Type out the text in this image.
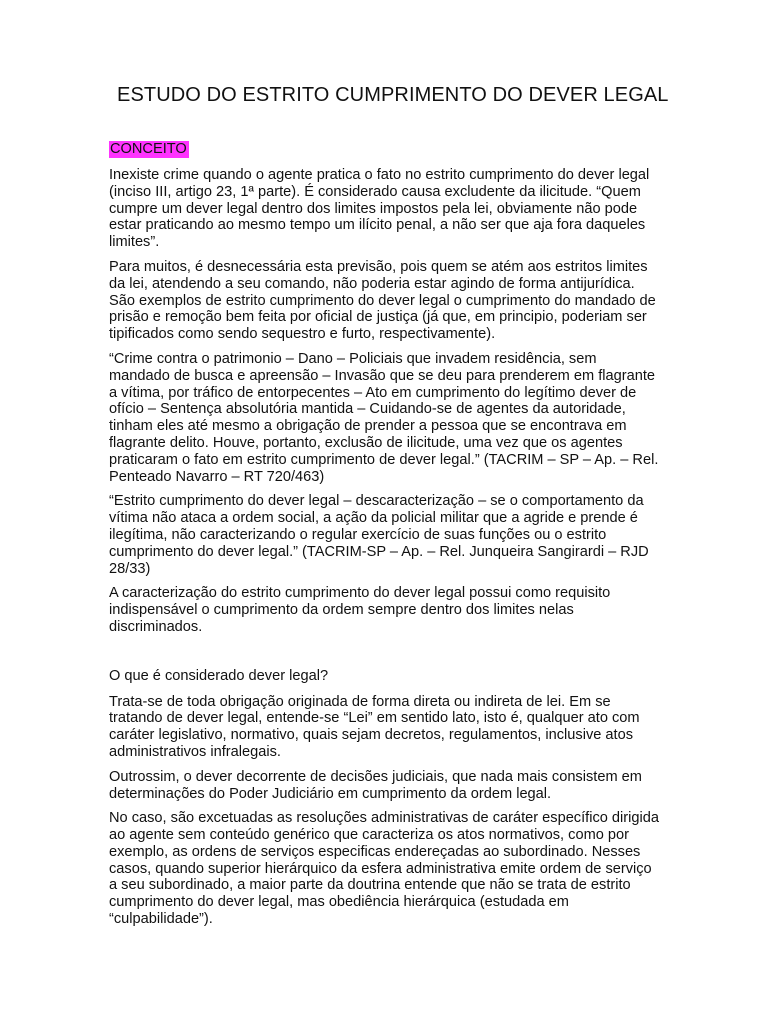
ESTUDO DO ESTRITO CUMPRIMENTO DO DEVER LEGAL
CONCEITO

Inexiste crime quando o agente pratica o fato no estrito cumprimento do dever legal (inciso III, artigo 23, 1ª parte). É considerado causa excludente da ilicitude. “Quem cumpre um dever legal dentro dos limites impostos pela lei, obviamente não pode estar praticando ao mesmo tempo um ilícito penal, a não ser que aja fora daqueles limites”.

Para muitos, é desnecessária esta previsão, pois quem se atém aos estritos limites da lei, atendendo a seu comando, não poderia estar agindo de forma antijurídica. São exemplos de estrito cumprimento do dever legal o cumprimento do mandado de prisão e remoção bem feita por oficial de justiça (já que, em principio, poderiam ser tipificados como sendo sequestro e furto, respectivamente).

“Crime contra o patrimonio – Dano – Policiais que invadem residência, sem mandado de busca e apreensão – Invasão que se deu para prenderem em flagrante a vítima, por tráfico de entorpecentes – Ato em cumprimento do legítimo dever de ofício – Sentença absolutória mantida – Cuidando-se de agentes da autoridade, tinham eles até mesmo a obrigação de prender a pessoa que se encontrava em flagrante delito. Houve, portanto, exclusão de ilicitude, uma vez que os agentes praticaram o fato em estrito cumprimento de dever legal.” (TACRIM – SP – Ap. – Rel. Penteado Navarro – RT 720/463)

“Estrito cumprimento do dever legal – descaracterização – se o comportamento da vítima não ataca a ordem social, a ação da policial militar que a agride e prende é ilegítima, não caracterizando o regular exercício de suas funções ou o estrito cumprimento do dever legal.” (TACRIM-SP – Ap. – Rel. Junqueira Sangirardi – RJD 28/33)

A caracterização do estrito cumprimento do dever legal possui como requisito indispensável o cumprimento da ordem sempre dentro dos limites nelas discriminados.

O que é considerado dever legal?

Trata-se de toda obrigação originada de forma direta ou indireta de lei. Em se tratando de dever legal, entende-se “Lei” em sentido lato, isto é, qualquer ato com caráter legislativo, normativo, quais sejam decretos, regulamentos, inclusive atos administrativos infralegais.

Outrossim, o dever decorrente de decisões judiciais, que nada mais consistem em determinações do Poder Judiciário em cumprimento da ordem legal.

No caso, são excetuadas as resoluções administrativas de caráter específico dirigida ao agente sem conteúdo genérico que caracteriza os atos normativos, como por exemplo, as ordens de serviços especificas endereçadas ao subordinado. Nesses casos, quando superior hierárquico da esfera administrativa emite ordem de serviço a seu subordinado, a maior parte da doutrina entende que não se trata de estrito cumprimento do dever legal, mas obediência hierárquica (estudada em “culpabilidade”).
